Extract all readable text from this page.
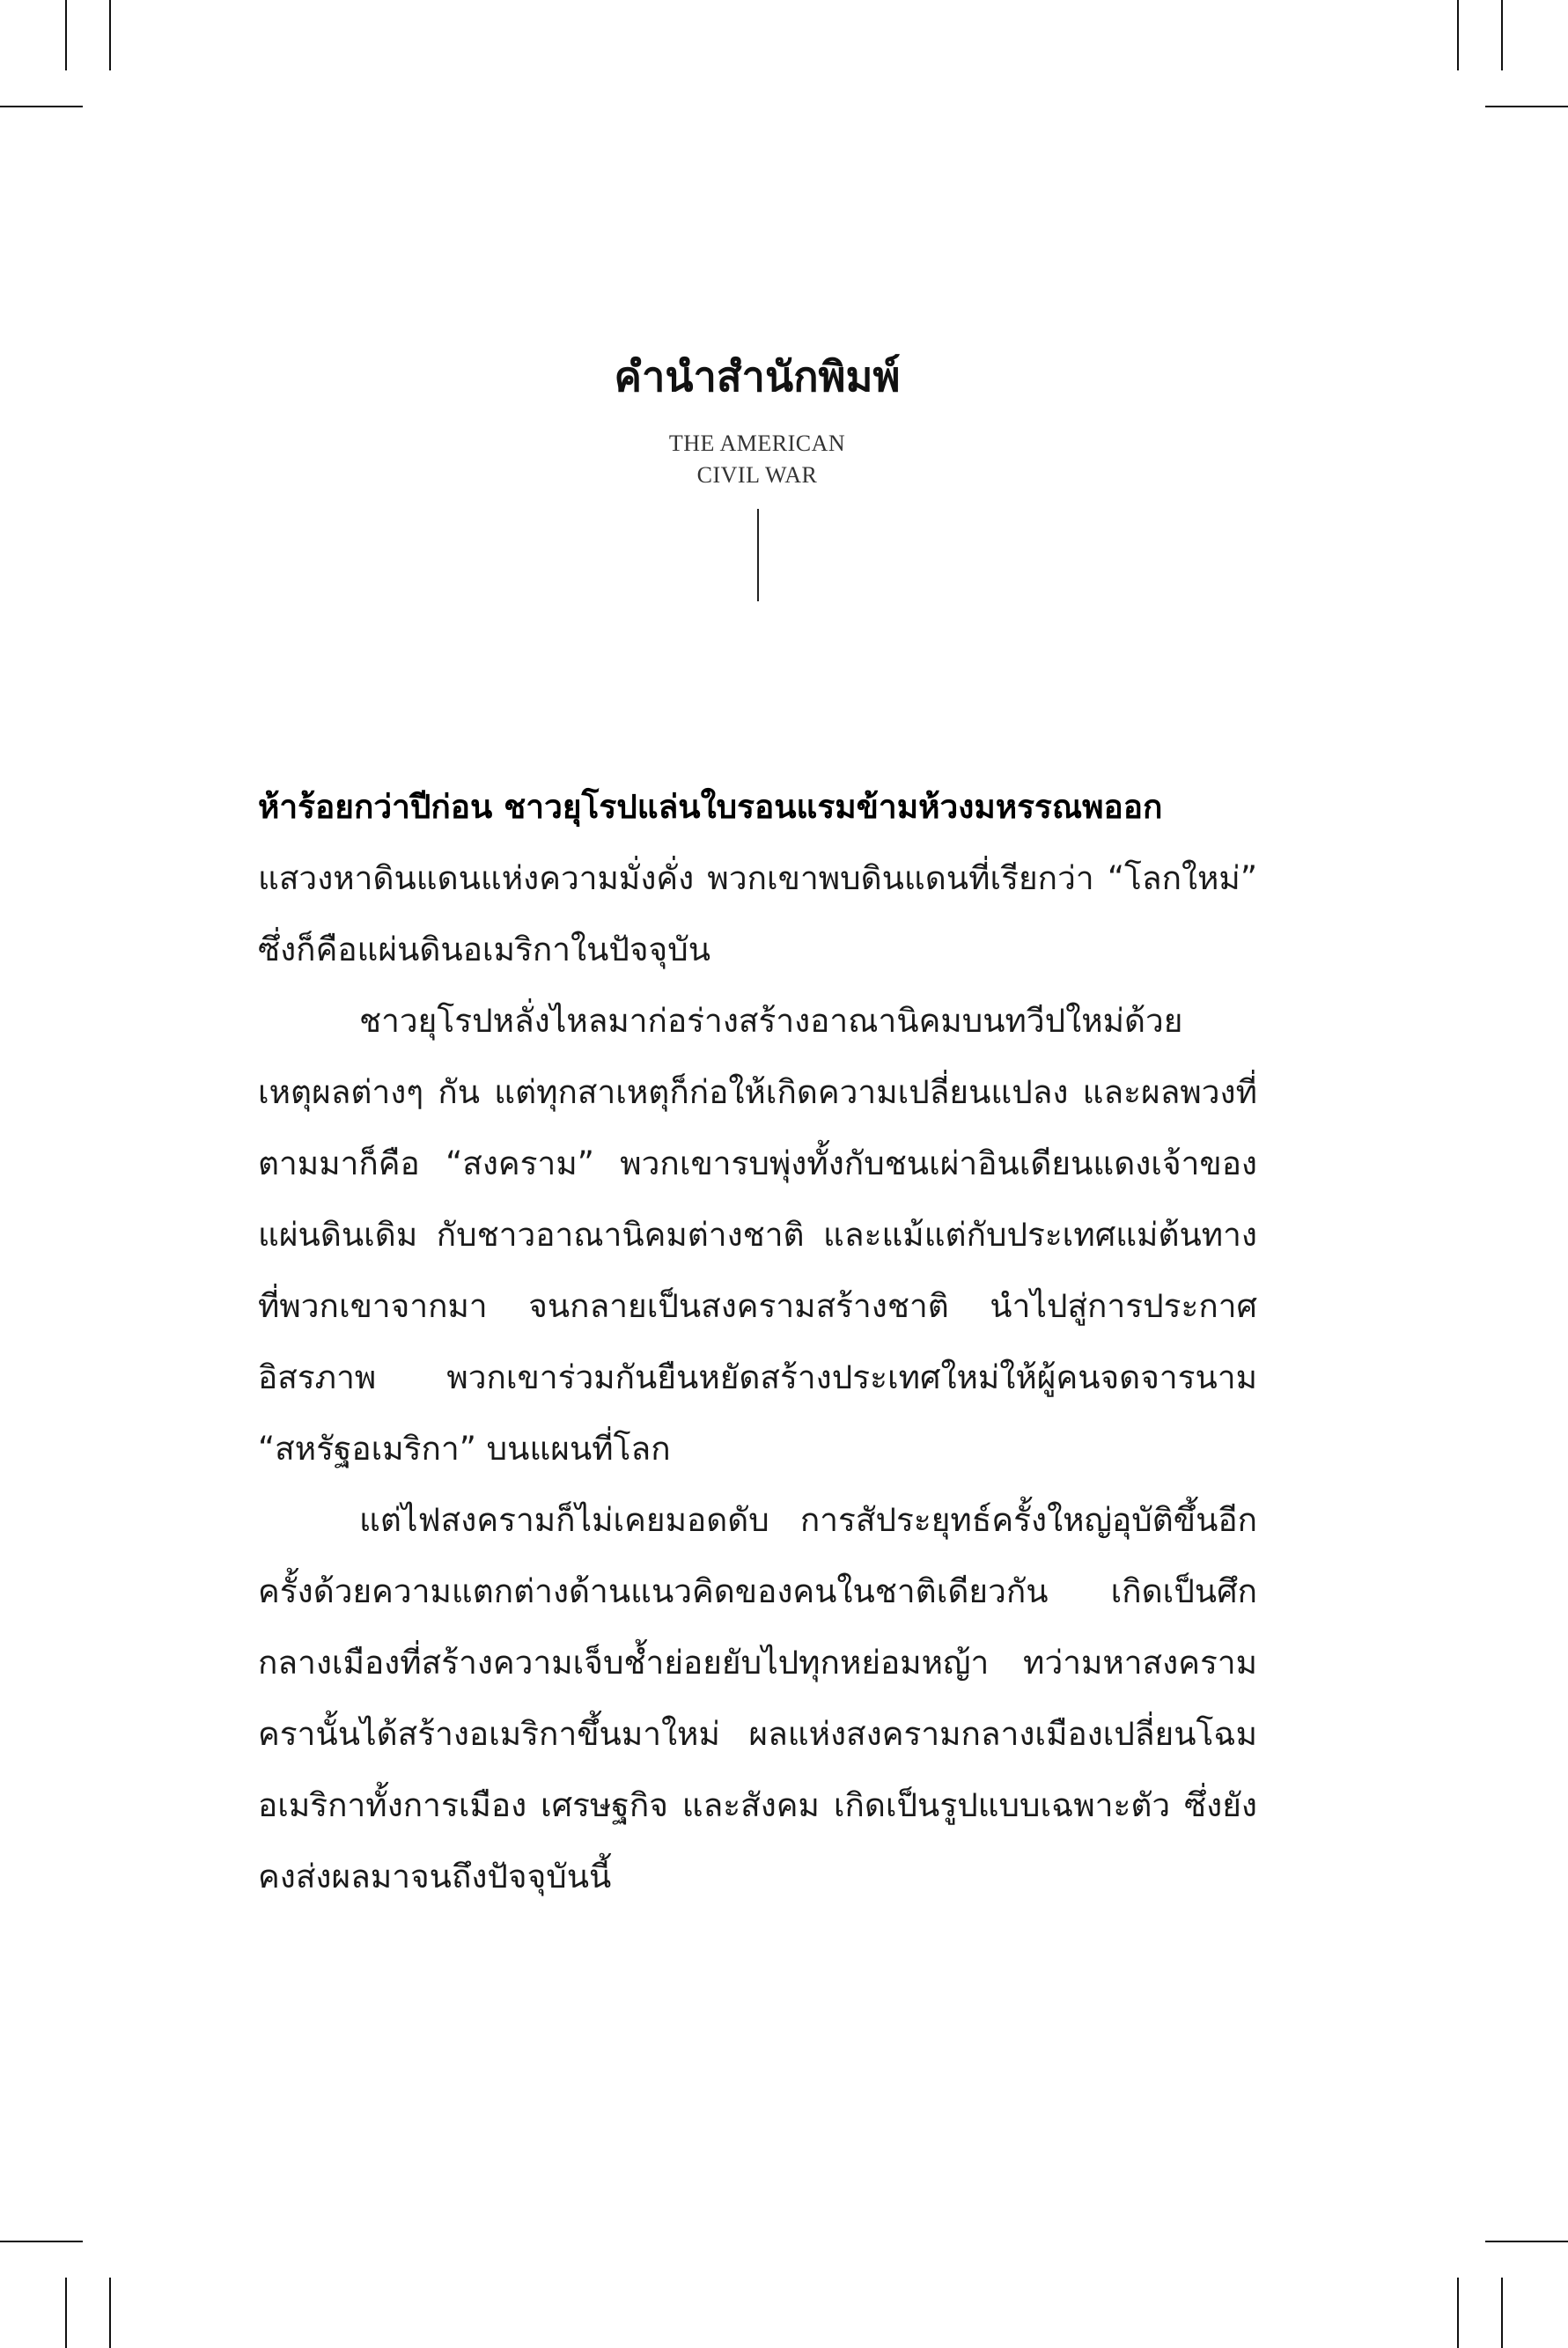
คำนำสำนักพิมพ์
THE AMERICAN
CIVIL WAR

ห้าร้อยกว่าปีก่อน ชาวยุโรปแล่นใบรอนแรมข้ามห้วงมหรรณพออก
แสวงหาดินแดนแห่งความมั่งคั่ง พวกเขาพบดินแดนที่เรียกว่า “โลกใหม่” ซึ่งก็คือแผ่นดินอเมริกาในปัจจุบัน

ชาวยุโรปหลั่งไหลมาก่อร่างสร้างอาณานิคมบนทวีปใหม่ด้วยเหตุผลต่างๆ กัน แต่ทุกสาเหตุก็ก่อให้เกิดความเปลี่ยนแปลง และผลพวงที่ตามมาก็คือ “สงคราม” พวกเขารบพุ่งทั้งกับชนเผ่าอินเดียนแดงเจ้าของแผ่นดินเดิม กับชาวอาณานิคมต่างชาติ และแม้แต่กับประเทศแม่ต้นทางที่พวกเขาจากมา จนกลายเป็นสงครามสร้างชาติ นำไปสู่การประกาศอิสรภาพ พวกเขาร่วมกันยืนหยัดสร้างประเทศใหม่ให้ผู้คนจดจารนาม “สหรัฐอเมริกา” บนแผนที่โลก

แต่ไฟสงครามก็ไม่เคยมอดดับ การสัประยุทธ์ครั้งใหญ่อุบัติขึ้นอีกครั้งด้วยความแตกต่างด้านแนวคิดของคนในชาติเดียวกัน เกิดเป็นศึกกลางเมืองที่สร้างความเจ็บช้ำย่อยยับไปทุกหย่อมหญ้า ทว่ามหาสงครามครานั้นได้สร้างอเมริกาขึ้นมาใหม่ ผลแห่งสงครามกลางเมืองเปลี่ยนโฉมอเมริกาทั้งการเมือง เศรษฐกิจ และสังคม เกิดเป็นรูปแบบเฉพาะตัว ซึ่งยังคงส่งผลมาจนถึงปัจจุบันนี้
